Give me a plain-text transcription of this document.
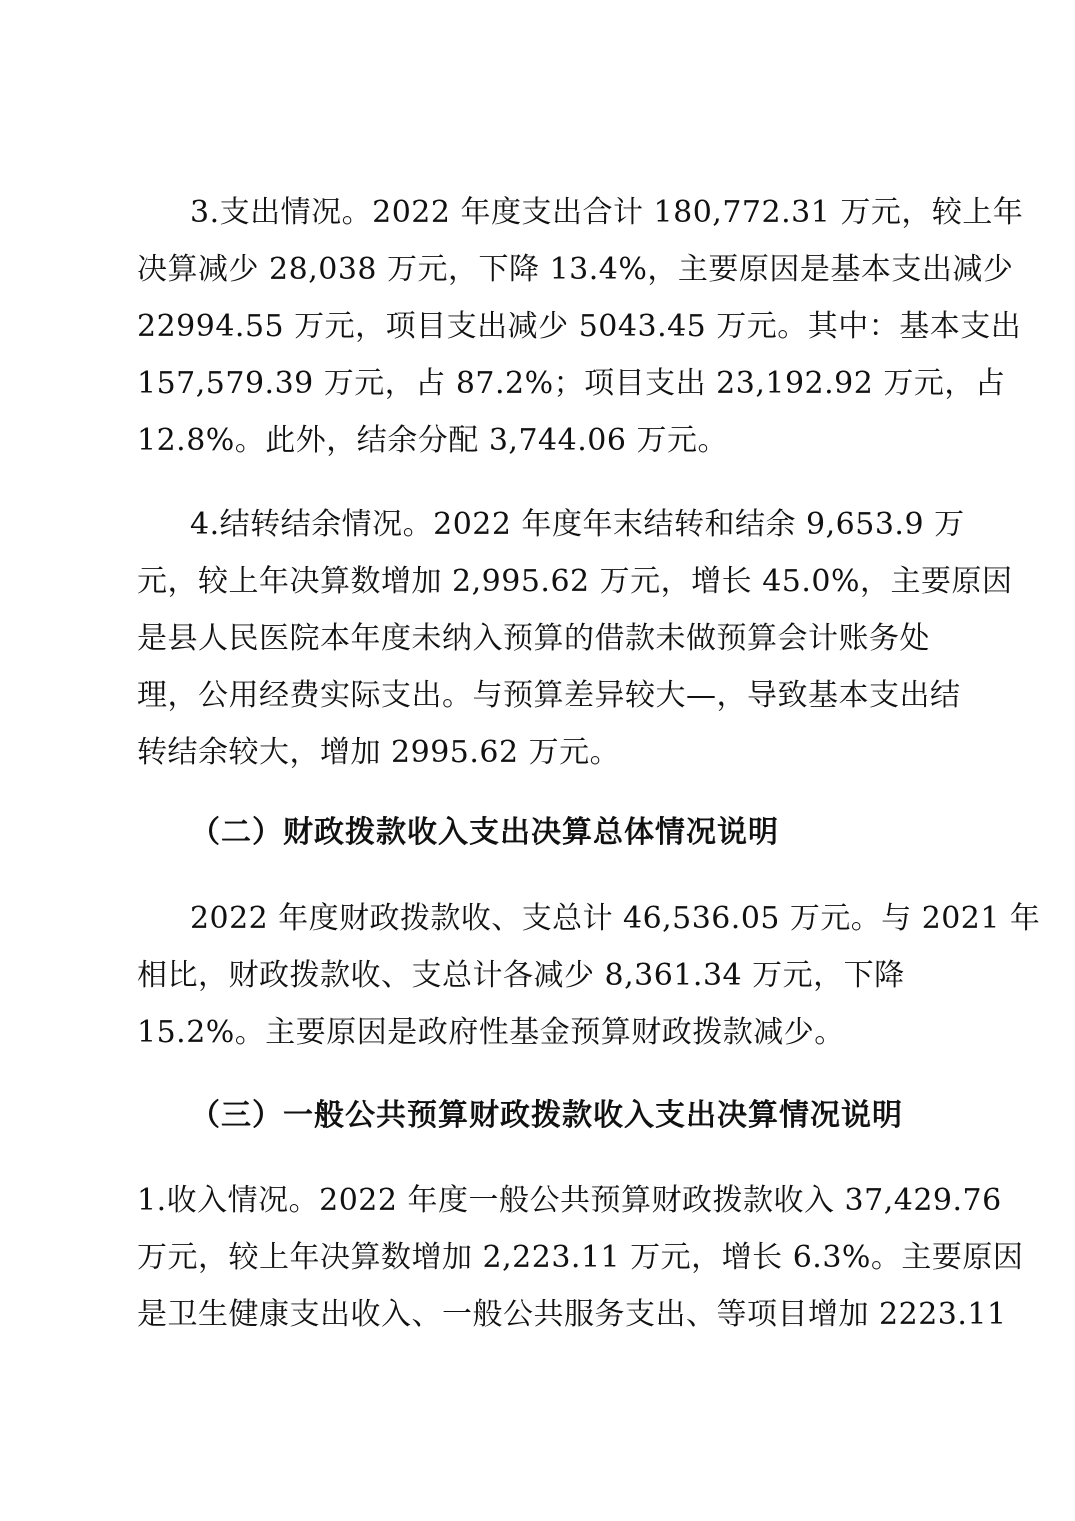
3.支出情况。2022 年度支出合计 180,772.31 万元，较上年
决算减少 28,038 万元，下降 13.4%，主要原因是基本支出减少
22994.55 万元，项目支出减少 5043.45 万元。其中：基本支出
157,579.39 万元，占 87.2%；项目支出 23,192.92 万元，占
12.8%。此外，结余分配 3,744.06 万元。
4.结转结余情况。2022 年度年末结转和结余 9,653.9 万
元，较上年决算数增加 2,995.62 万元，增长 45.0%，主要原因
是县人民医院本年度未纳入预算的借款未做预算会计账务处
理，公用经费实际支出。与预算差异较大—，导致基本支出结
转结余较大，增加 2995.62 万元。
（二）财政拨款收入支出决算总体情况说明
2022 年度财政拨款收、支总计 46,536.05 万元。与 2021 年
相比，财政拨款收、支总计各减少 8,361.34 万元，下降
15.2%。主要原因是政府性基金预算财政拨款减少。
（三）一般公共预算财政拨款收入支出决算情况说明
1.收入情况。2022 年度一般公共预算财政拨款收入 37,429.76
万元，较上年决算数增加 2,223.11 万元，增长 6.3%。主要原因
是卫生健康支出收入、一般公共服务支出、等项目增加 2223.11
